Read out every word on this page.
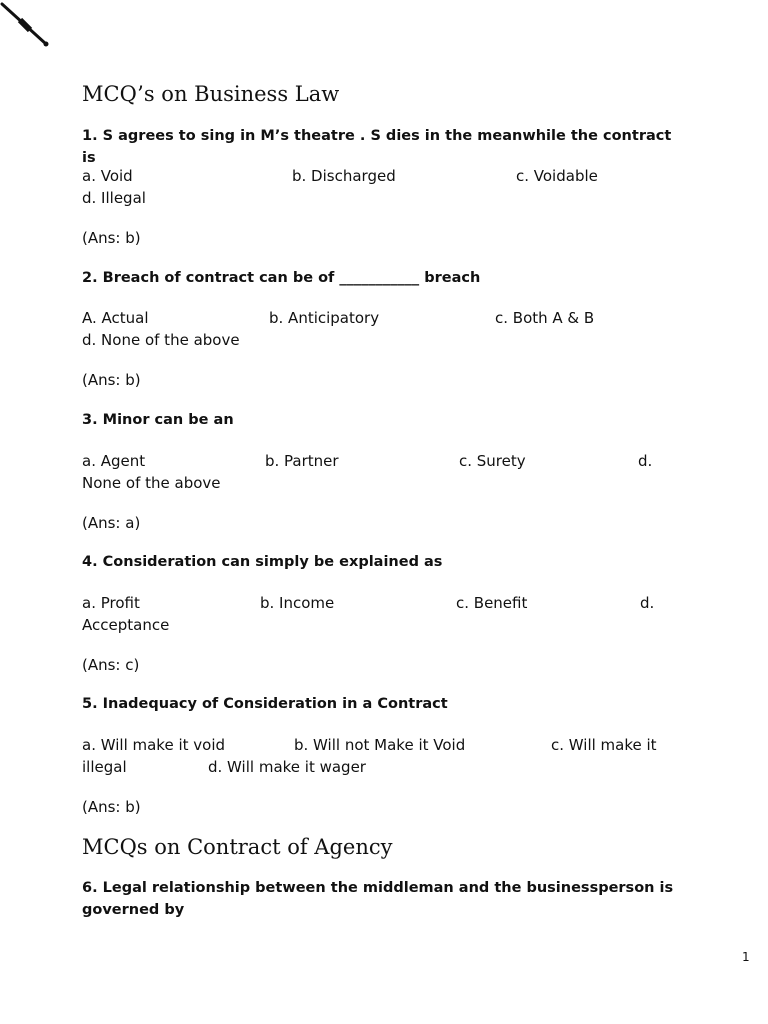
MCQ’s on Business Law
1. S agrees to sing in M’s theatre . S dies in the meanwhile the contract is
a. Void	b. Discharged	c. Voidable
d. Illegal
(Ans: b)
2. Breach of contract can be of ___________ breach
A. Actual	b. Anticipatory	c. Both A & B
d. None of the above
(Ans: b)
3. Minor can be an
a. Agent	b. Partner	c. Surety	d.
None of the above
(Ans: a)
4. Consideration can simply be explained as
a. Profit	b. Income	c. Benefit	d.
Acceptance
(Ans: c)
5. Inadequacy of Consideration in a Contract
a. Will make it void	b. Will not Make it Void	c. Will make it
illegal	d. Will make it wager
(Ans: b)
MCQs on Contract of Agency
6. Legal relationship between the middleman and the businessperson is governed by
1
